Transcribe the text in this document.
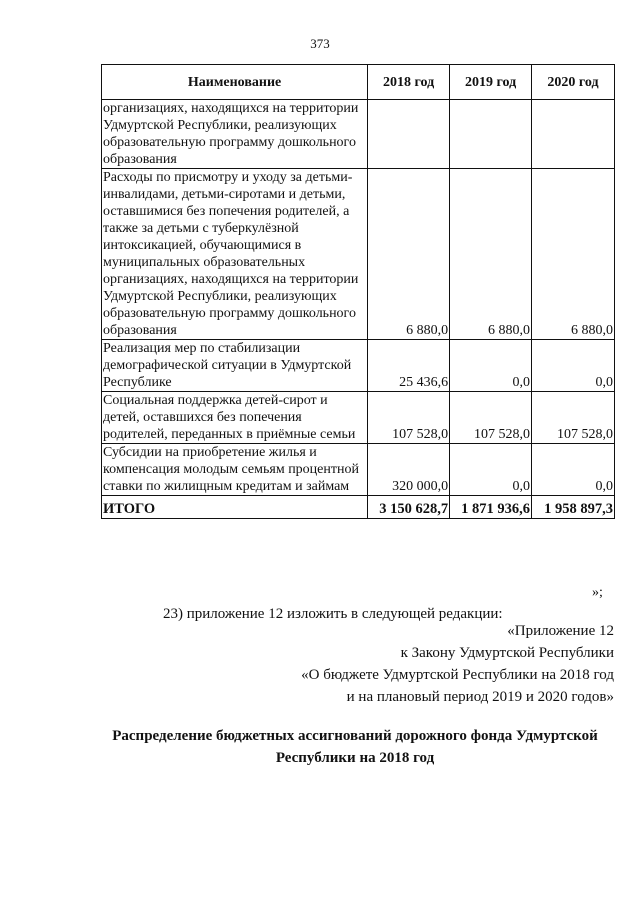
373
Наименование	2018 год	2019 год	2020 год
организациях, находящихся на территории Удмуртской Республики, реализующих образовательную программу дошкольного образования			
Расходы по присмотру и уходу за детьми-инвалидами, детьми-сиротами и детьми, оставшимися без попечения родителей, а также за детьми с туберкулёзной интоксикацией, обучающимися в муниципальных образовательных организациях, находящихся на территории Удмуртской Республики, реализующих образовательную программу дошкольного образования	6 880,0	6 880,0	6 880,0
Реализация мер по стабилизации демографической ситуации в Удмуртской Республике	25 436,6	0,0	0,0
Социальная поддержка детей-сирот и детей, оставшихся без попечения родителей, переданных в приёмные семьи	107 528,0	107 528,0	107 528,0
Субсидии на приобретение жилья и компенсация молодым семьям процентной ставки по жилищным кредитам и займам	320 000,0	0,0	0,0
ИТОГО	3 150 628,7	1 871 936,6	1 958 897,3
»;
23) приложение 12 изложить в следующей редакции:
«Приложение 12
к Закону Удмуртской Республики
«О бюджете Удмуртской Республики на 2018 год
и на плановый период 2019 и 2020 годов»
Распределение бюджетных ассигнований дорожного фонда Удмуртской
Республики на 2018 год
